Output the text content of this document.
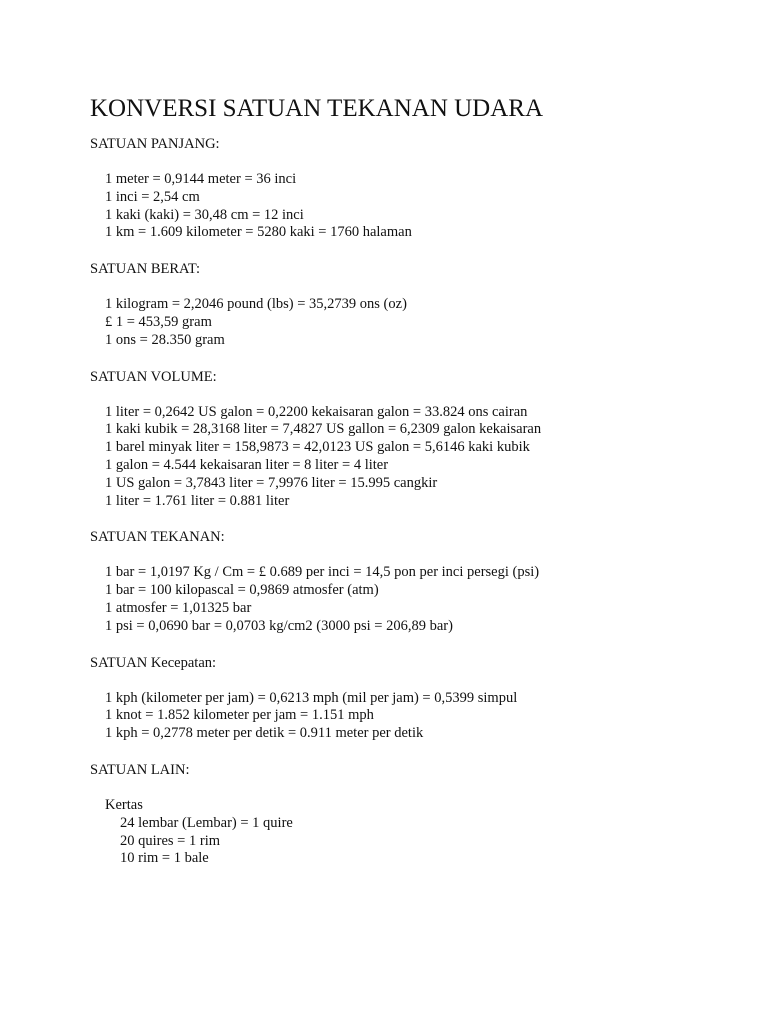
KONVERSI SATUAN TEKANAN UDARA
SATUAN PANJANG:
1 meter = 0,9144 meter = 36 inci
1 inci = 2,54 cm
1 kaki (kaki) = 30,48 cm = 12 inci
1 km = 1.609 kilometer = 5280 kaki = 1760 halaman
SATUAN BERAT:
1 kilogram = 2,2046 pound (lbs) = 35,2739 ons (oz)
£ 1 = 453,59 gram
1 ons = 28.350 gram
SATUAN VOLUME:
1 liter = 0,2642 US galon = 0,2200 kekaisaran galon = 33.824 ons cairan
1 kaki kubik = 28,3168 liter = 7,4827 US gallon = 6,2309 galon kekaisaran
1 barel minyak liter = 158,9873 = 42,0123 US galon = 5,6146 kaki kubik
1 galon = 4.544 kekaisaran liter = 8 liter = 4 liter
1 US galon = 3,7843 liter = 7,9976 liter = 15.995 cangkir
1 liter = 1.761 liter = 0.881 liter
SATUAN TEKANAN:
1 bar = 1,0197 Kg / Cm = £ 0.689 per inci = 14,5 pon per inci persegi (psi)
1 bar = 100 kilopascal = 0,9869 atmosfer (atm)
1 atmosfer = 1,01325 bar
1 psi = 0,0690 bar = 0,0703 kg/cm2 (3000 psi = 206,89 bar)
SATUAN Kecepatan:
1 kph (kilometer per jam) = 0,6213 mph (mil per jam) = 0,5399 simpul
1 knot = 1.852 kilometer per jam = 1.151 mph
1 kph = 0,2778 meter per detik = 0.911 meter per detik
SATUAN LAIN:
Kertas
24 lembar (Lembar) = 1 quire
20 quires = 1 rim
10 rim = 1 bale
